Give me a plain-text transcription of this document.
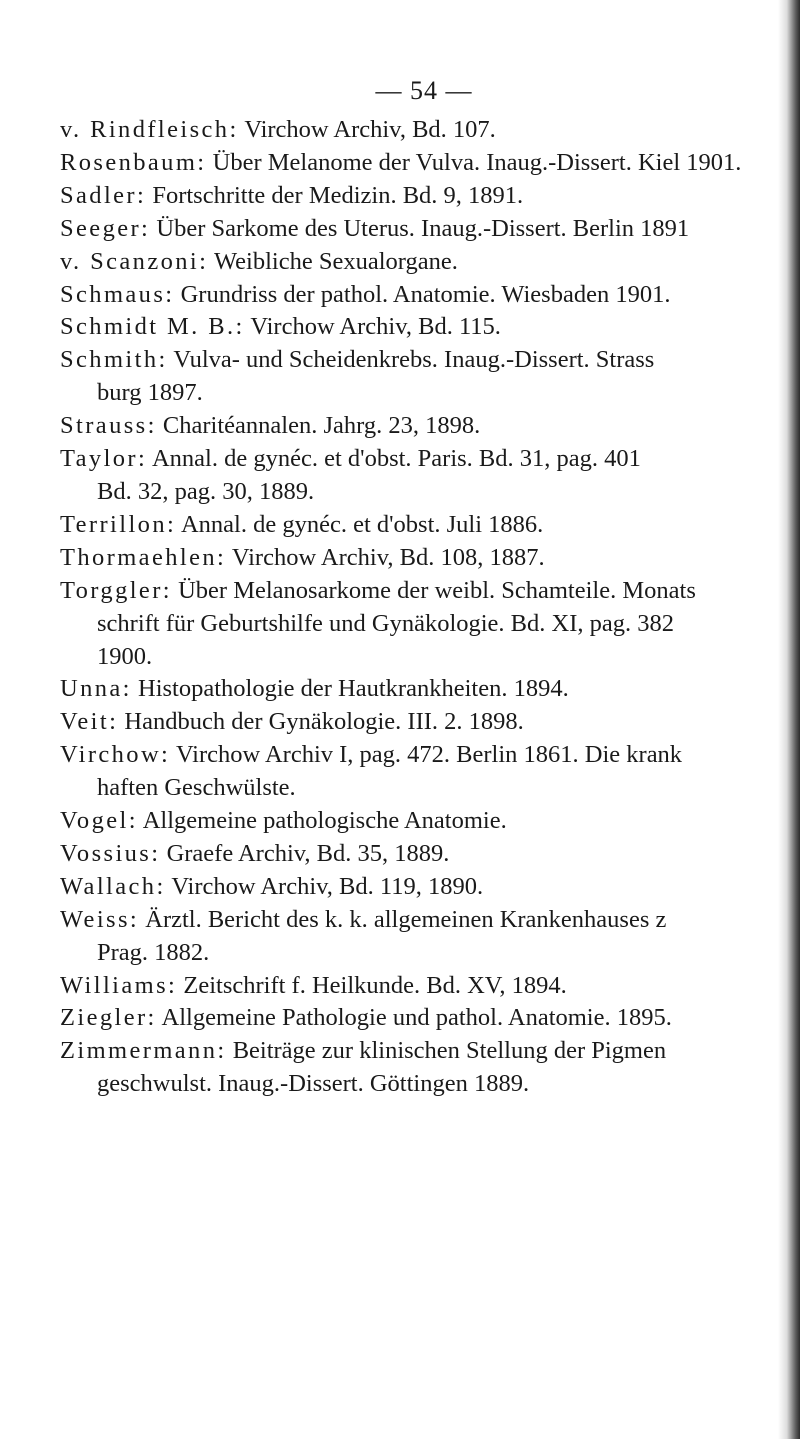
— 54 —
v. Rindfleisch: Virchow Archiv, Bd. 107.
Rosenbaum: Über Melanome der Vulva. Inaug.-Dissert. Kiel 1901.
Sadler: Fortschritte der Medizin. Bd. 9, 1891.
Seeger: Über Sarkome des Uterus. Inaug.-Dissert. Berlin 1891
v. Scanzoni: Weibliche Sexualorgane.
Schmaus: Grundriss der pathol. Anatomie. Wiesbaden 1901.
Schmidt M. B.: Virchow Archiv, Bd. 115.
Schmith: Vulva- und Scheidenkrebs. Inaug.-Dissert. Strass
burg 1897.
Strauss: Charitéannalen. Jahrg. 23, 1898.
Taylor: Annal. de gynéc. et d'obst. Paris. Bd. 31, pag. 401
Bd. 32, pag. 30, 1889.
Terrillon: Annal. de gynéc. et d'obst. Juli 1886.
Thormaehlen: Virchow Archiv, Bd. 108, 1887.
Torggler: Über Melanosarkome der weibl. Schamteile. Monats
schrift für Geburtshilfe und Gynäkologie. Bd. XI, pag. 382
1900.
Unna: Histopathologie der Hautkrankheiten. 1894.
Veit: Handbuch der Gynäkologie. III. 2. 1898.
Virchow: Virchow Archiv I, pag. 472. Berlin 1861. Die krank
haften Geschwülste.
Vogel: Allgemeine pathologische Anatomie.
Vossius: Graefe Archiv, Bd. 35, 1889.
Wallach: Virchow Archiv, Bd. 119, 1890.
Weiss: Ärztl. Bericht des k. k. allgemeinen Krankenhauses z
Prag. 1882.
Williams: Zeitschrift f. Heilkunde. Bd. XV, 1894.
Ziegler: Allgemeine Pathologie und pathol. Anatomie. 1895.
Zimmermann: Beiträge zur klinischen Stellung der Pigmen
geschwulst. Inaug.-Dissert. Göttingen 1889.
